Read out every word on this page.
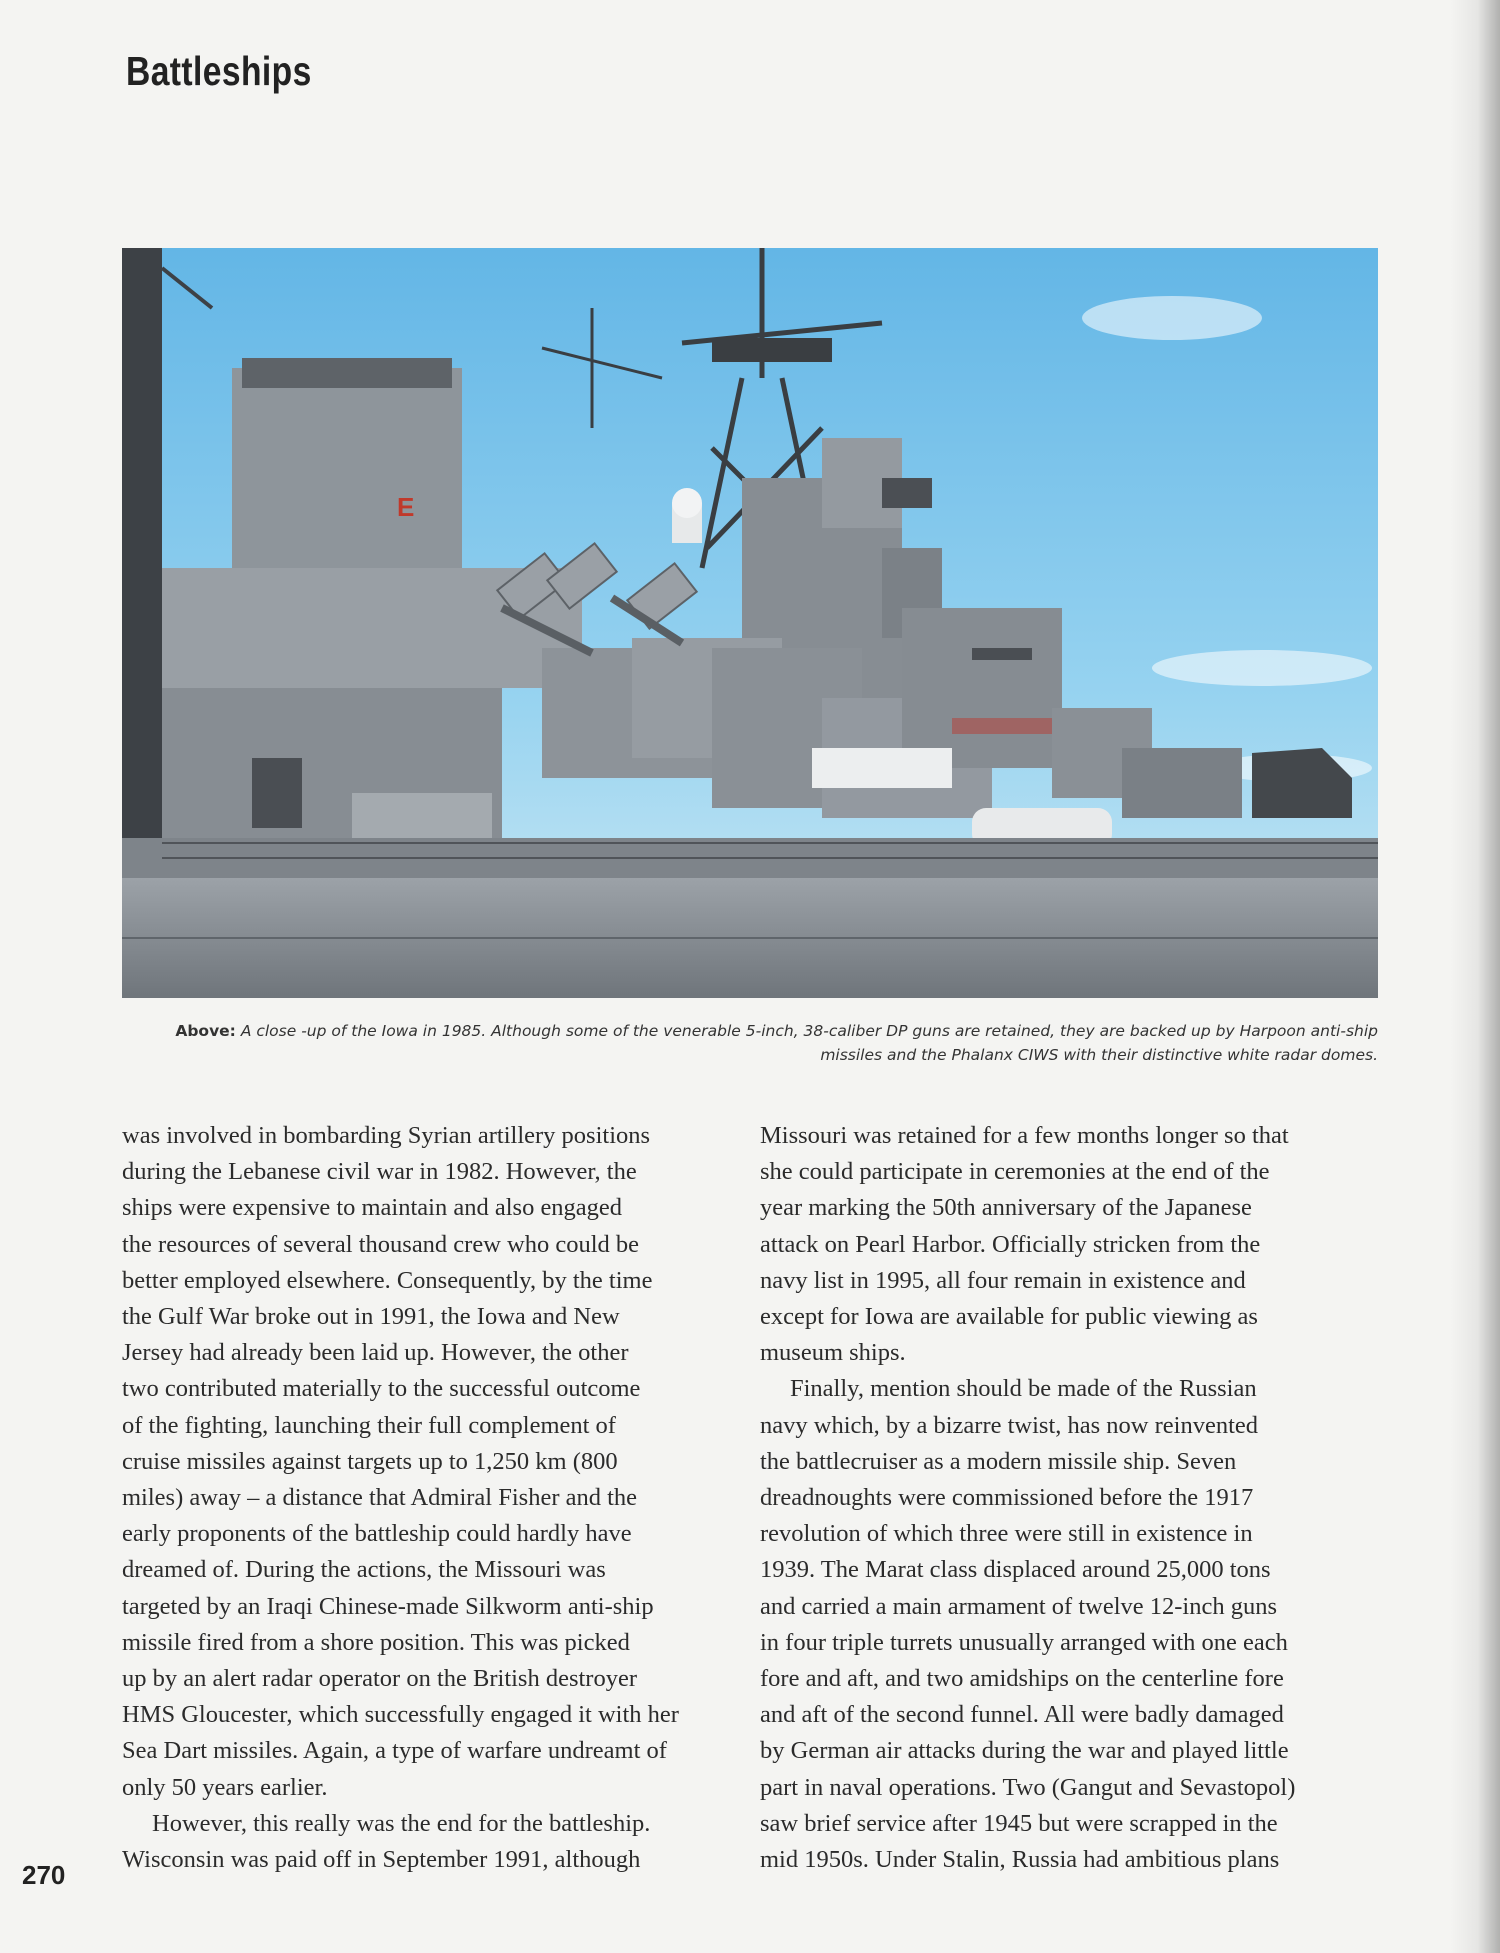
Battleships
E
Above: A close -up of the Iowa in 1985. Although some of the venerable 5-inch, 38-caliber DP guns are retained, they are backed up by Harpoon anti-ship missiles and the Phalanx CIWS with their distinctive white radar domes.

was involved in bombarding Syrian artillery positions
during the Lebanese civil war in 1982. However, the
ships were expensive to maintain and also engaged
the resources of several thousand crew who could be
better employed elsewhere. Consequently, by the time
the Gulf War broke out in 1991, the Iowa and New
Jersey had already been laid up. However, the other
two contributed materially to the successful outcome
of the fighting, launching their full complement of
cruise missiles against targets up to 1,250 km (800
miles) away – a distance that Admiral Fisher and the
early proponents of the battleship could hardly have
dreamed of. During the actions, the Missouri was
targeted by an Iraqi Chinese-made Silkworm anti-ship
missile fired from a shore position. This was picked
up by an alert radar operator on the British destroyer
HMS Gloucester, which successfully engaged it with her
Sea Dart missiles. Again, a type of warfare undreamt of
only 50 years earlier.

However, this really was the end for the battleship.
Wisconsin was paid off in September 1991, although

Missouri was retained for a few months longer so that
she could participate in ceremonies at the end of the
year marking the 50th anniversary of the Japanese
attack on Pearl Harbor. Officially stricken from the
navy list in 1995, all four remain in existence and
except for Iowa are available for public viewing as
museum ships.

Finally, mention should be made of the Russian
navy which, by a bizarre twist, has now reinvented
the battlecruiser as a modern missile ship. Seven
dreadnoughts were commissioned before the 1917
revolution of which three were still in existence in
1939. The Marat class displaced around 25,000 tons
and carried a main armament of twelve 12-inch guns
in four triple turrets unusually arranged with one each
fore and aft, and two amidships on the centerline fore
and aft of the second funnel. All were badly damaged
by German air attacks during the war and played little
part in naval operations. Two (Gangut and Sevastopol)
saw brief service after 1945 but were scrapped in the
mid 1950s. Under Stalin, Russia had ambitious plans

270
